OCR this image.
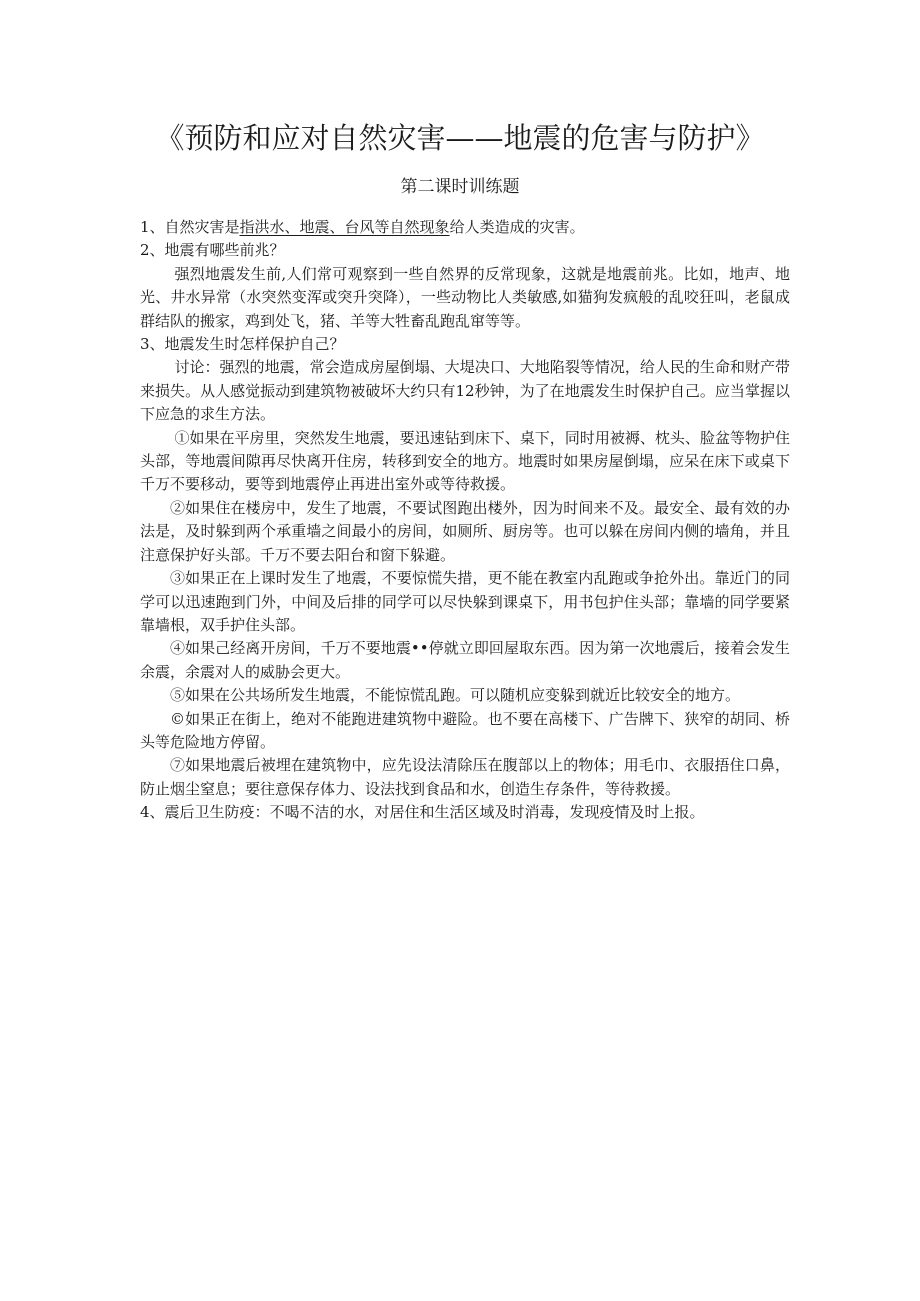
《预防和应对自然灾害——地震的危害与防护》
第二课时训练题

1、自然灾害是指洪水、地震、台风等自然现象给人类造成的灾害。

2、地震有哪些前兆？

强烈地震发生前,人们常可观察到一些自然界的反常现象，这就是地震前兆。比如，地声、地光、井水异常（水突然变浑或突升突降），一些动物比人类敏感,如猫狗发疯般的乱咬狂叫，老鼠成群结队的搬家，鸡到处飞，猪、羊等大牲畜乱跑乱窜等等。

3、地震发生时怎样保护自己？

讨论：强烈的地震，常会造成房屋倒塌、大堤决口、大地陷裂等情况，给人民的生命和财产带来损失。从人感觉振动到建筑物被破坏大约只有12秒钟，为了在地震发生时保护自己。应当掌握以下应急的求生方法。

①如果在平房里，突然发生地震，要迅速钻到床下、桌下，同时用被褥、枕头、脸盆等物护住头部，等地震间隙再尽快离开住房，转移到安全的地方。地震时如果房屋倒塌，应呆在床下或桌下千万不要移动，要等到地震停止再进出室外或等待救援。

②如果住在楼房中，发生了地震，不要试图跑出楼外，因为时间来不及。最安全、最有效的办法是，及时躲到两个承重墙之间最小的房间，如厕所、厨房等。也可以躲在房间内侧的墙角，并且注意保护好头部。千万不要去阳台和窗下躲避。

③如果正在上课时发生了地震，不要惊慌失措，更不能在教室内乱跑或争抢外出。靠近门的同学可以迅速跑到门外，中间及后排的同学可以尽快躲到课桌下，用书包护住头部；靠墙的同学要紧靠墙根，双手护住头部。

④如果己经离开房间，千万不要地震••停就立即回屋取东西。因为第一次地震后，接着会发生余震，余震对人的威胁会更大。

⑤如果在公共场所发生地震，不能惊慌乱跑。可以随机应变躲到就近比较安全的地方。

©如果正在街上，绝对不能跑进建筑物中避险。也不要在高楼下、广告牌下、狭窄的胡同、桥头等危险地方停留。

⑦如果地震后被埋在建筑物中，应先设法清除压在腹部以上的物体；用毛巾、衣服捂住口鼻，防止烟尘窒息；要往意保存体力、设法找到食品和水，创造生存条件，等待救援。

4、震后卫生防疫：不喝不洁的水，对居住和生活区域及时消毒，发现疫情及时上报。
